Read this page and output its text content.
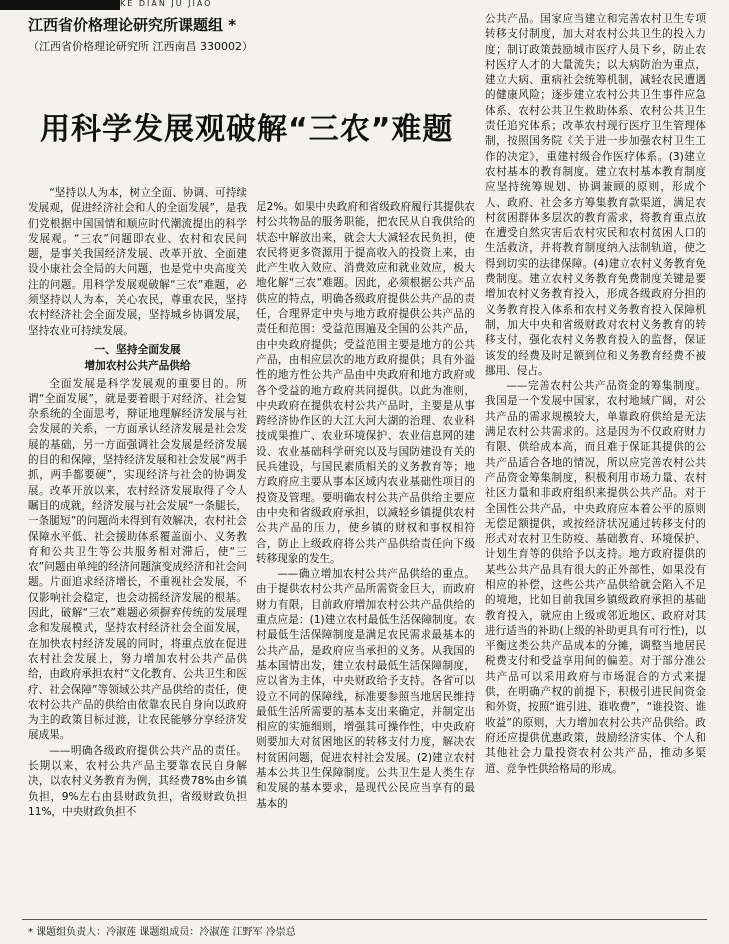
KE DIAN JU JIAO
江西省价格理论研究所课题组 *
（江西省价格理论研究所 江西南昌 330002）
用科学发展观破解“三农”难题

“坚持以人为本，树立全面、协调、可持续发展观，促进经济社会和人的全面发展”，是我们党根据中国国情和顺应时代潮流提出的科学发展观。“三农”问题即农业、农村和农民问题，是事关我国经济发展、改革开放、全面建设小康社会全局的大问题，也是党中央高度关注的问题。用科学发展观破解“三农”难题，必须坚持以人为本，关心农民，尊重农民，坚持农村经济社会全面发展，坚持城乡协调发展，坚持农业可持续发展。

一、坚持全面发展
增加农村公共产品供给

全面发展是科学发展观的重要目的。所谓“全面发展”，就是要着眼于对经济、社会复杂系统的全面思考，辩证地理解经济发展与社会发展的关系，一方面承认经济发展是社会发展的基础，另一方面强调社会发展是经济发展的目的和保障，坚持经济发展和社会发展“两手抓，两手都要硬”，实现经济与社会的协调发展。改革开放以来，农村经济发展取得了令人瞩目的成就，经济发展与社会发展“一条腿长，一条腿短”的问题尚未得到有效解决，农村社会保障水平低、社会援助体系覆盖面小、义务教育和公共卫生等公共服务相对滞后，使“三农”问题由单纯的经济问题演变成经济和社会问题。片面追求经济增长，不重视社会发展，不仅影响社会稳定，也会动摇经济发展的根基。因此，破解“三农”难题必须摒弃传统的发展理念和发展模式，坚持农村经济社会全面发展，在加快农村经济发展的同时，将重点放在促进农村社会发展上，努力增加农村公共产品供给，由政府承担农村“文化教育、公共卫生和医疗、社会保障”等领域公共产品供给的责任，使农村公共产品的供给由依靠农民自身向以政府为主的政策目标过渡，让农民能够分享经济发展成果。

——明确各级政府提供公共产品的责任。长期以来，农村公共产品主要靠农民自身解决，以农村义务教育为例，其经费78%由乡镇负担，9%左右由县财政负担，省级财政负担11%，中央财政负担不

足2%。如果中央政府和省级政府履行其提供农村公共物品的服务职能，把农民从自我供给的状态中解放出来，就会大大减轻农民负担，使农民将更多资源用于提高收入的投资上来，由此产生收入效应、消费效应和就业效应，极大地化解“三农”难题。因此，必须根据公共产品供应的特点，明确各级政府提供公共产品的责任，合理界定中央与地方政府提供公共产品的责任和范围：受益范围遍及全国的公共产品，由中央政府提供；受益范围主要是地方的公共产品，由相应层次的地方政府提供；具有外溢性的地方性公共产品由中央政府和地方政府或各个受益的地方政府共同提供。以此为准则，中央政府在提供农村公共产品时，主要是从事跨经济协作区的大江大河大湖的治理、农业科技成果推广、农业环境保护、农业信息网的建设、农业基础科学研究以及与国防建设有关的民兵建设，与国民素质相关的义务教育等；地方政府应主要从事本区域内农业基础性项目的投资及管理。要明确农村公共产品供给主要应由中央和省级政府承担，以减轻乡镇提供农村公共产品的压力，使乡镇的财权和事权相符合，防止上级政府将公共产品供给责任向下级转移现象的发生。

——确立增加农村公共产品供给的重点。由于提供农村公共产品所需资金巨大，而政府财力有限，目前政府增加农村公共产品供给的重点应是：(1)建立农村最低生活保障制度。农村最低生活保障制度是满足农民需求最基本的公共产品，是政府应当承担的义务。从我国的基本国情出发，建立农村最低生活保障制度，应以省为主体，中央财政给予支持。各省可以设立不同的保障线，标准要参照当地居民维持最低生活所需要的基本支出来确定，并制定出相应的实施细则，增强其可操作性，中央政府则要加大对贫困地区的转移支付力度，解决农村贫困问题，促进农村社会发展。(2)建立农村基本公共卫生保障制度。公共卫生是人类生存和发展的基本要求，是现代公民应当享有的最基本的

公共产品。国家应当建立和完善农村卫生专项转移支付制度，加大对农村公共卫生的投入力度；制订政策鼓励城市医疗人员下乡，防止农村医疗人才的大量流失；以大病防治为重点，建立大病、重病社会统筹机制，减轻农民遭遇的健康风险；逐步建立农村公共卫生事件应急体系、农村公共卫生救助体系、农村公共卫生责任追究体系；改革农村现行医疗卫生管理体制，按照国务院《关于进一步加强农村卫生工作的决定》，重建村级合作医疗体系。(3)建立农村基本的教育制度。建立农村基本教育制度应坚持统筹规划、协调兼顾的原则，形成个人、政府、社会多方筹集教育款渠道，满足农村贫困群体多层次的教育需求，将教育重点放在遭受自然灾害后农村灾民和农村贫困人口的生活救济，并将教育制度纳入法制轨道，使之得到切实的法律保障。(4)建立农村义务教育免费制度。建立农村义务教育免费制度关键是要增加农村义务教育投入，形成各级政府分担的义务教育投入体系和农村义务教育投入保障机制，加大中央和省级财政对农村义务教育的转移支付，强化农村义务教育投入的监督，保证该发的经费及时足额到位和义务教育经费不被挪用、侵占。

——完善农村公共产品资金的筹集制度。我国是一个发展中国家，农村地域广阔，对公共产品的需求规模较大，单靠政府供给是无法满足农村公共需求的。这是因为不仅政府财力有限、供给成本高，而且难于保证其提供的公共产品适合各地的情况，所以应完善农村公共产品资金筹集制度，积极利用市场力量、农村社区力量和非政府组织来提供公共产品。对于全国性公共产品，中央政府应本着公平的原则无偿足额提供，或按经济状况通过转移支付的形式对农村卫生防疫、基础教育、环境保护、计划生育等的供给予以支持。地方政府提供的某些公共产品具有很大的正外部性，如果没有相应的补偿，这些公共产品供给就会陷入不足的境地，比如目前我国乡镇级政府承担的基础教育投入，就应由上级或邻近地区、政府对其进行适当的补助(上级的补助更具有可行性)，以平衡这类公共产品成本的分摊，调整当地居民税费支付和受益享用间的偏差。对于部分准公共产品可以采用政府与市场混合的方式来提供，在明确产权的前提下，积极引进民间资金和外资，按照“谁引进、谁收费”，“谁投资、谁收益”的原则，大力增加农村公共产品供给。政府还应提供优惠政策，鼓励经济实体、个人和其他社会力量投资农村公共产品，推动多渠道、竞争性供给格局的形成。

* 课题组负责人：冷淑莲 课题组成员：冷淑莲 江野军 冷崇总
